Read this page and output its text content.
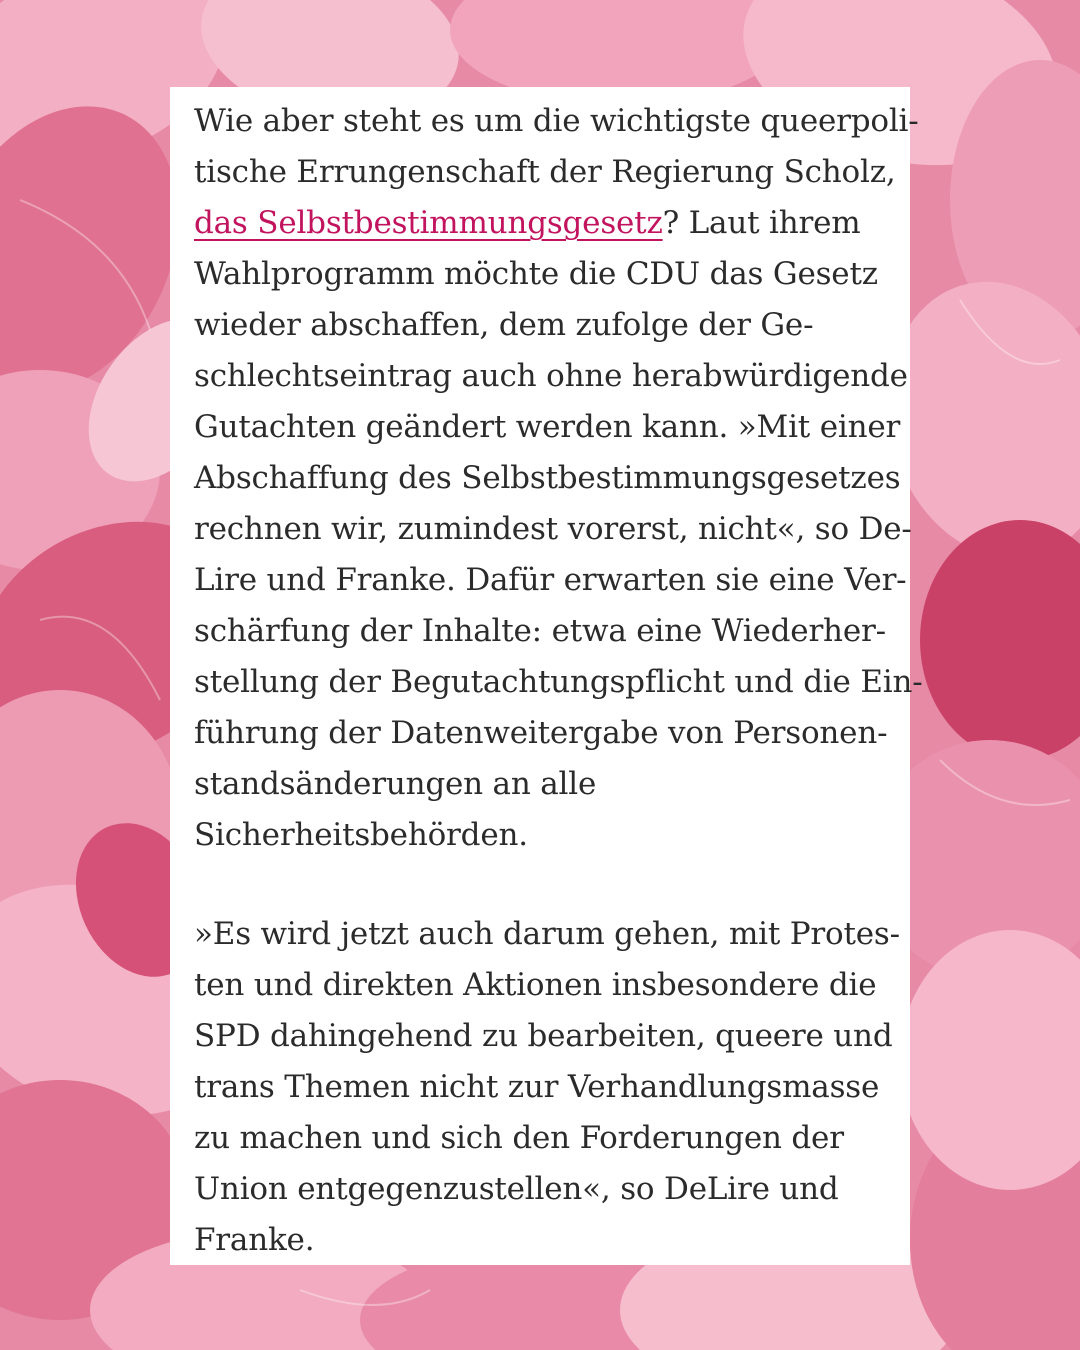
Wie aber steht es um die wichtigste queerpoli-
tische Errungenschaft der Regierung Scholz,
das Selbstbestimmungsgesetz? Laut ihrem
Wahlprogramm möchte die CDU das Gesetz
wieder abschaffen, dem zufolge der Ge-
schlechtseintrag auch ohne herabwürdigende
Gutachten geändert werden kann. »Mit einer
Abschaffung des Selbstbestimmungsgesetzes
rechnen wir, zumindest vorerst, nicht«, so De-
Lire und Franke. Dafür erwarten sie eine Ver-
schärfung der Inhalte: etwa eine Wiederher-
stellung der Begutachtungspflicht und die Ein-
führung der Datenweitergabe von Personen-
standsänderungen an alle
Sicherheitsbehörden.
»Es wird jetzt auch darum gehen, mit Protes-
ten und direkten Aktionen insbesondere die
SPD dahingehend zu bearbeiten, queere und
trans Themen nicht zur Verhandlungsmasse
zu machen und sich den Forderungen der
Union entgegenzustellen«, so DeLire und
Franke.
